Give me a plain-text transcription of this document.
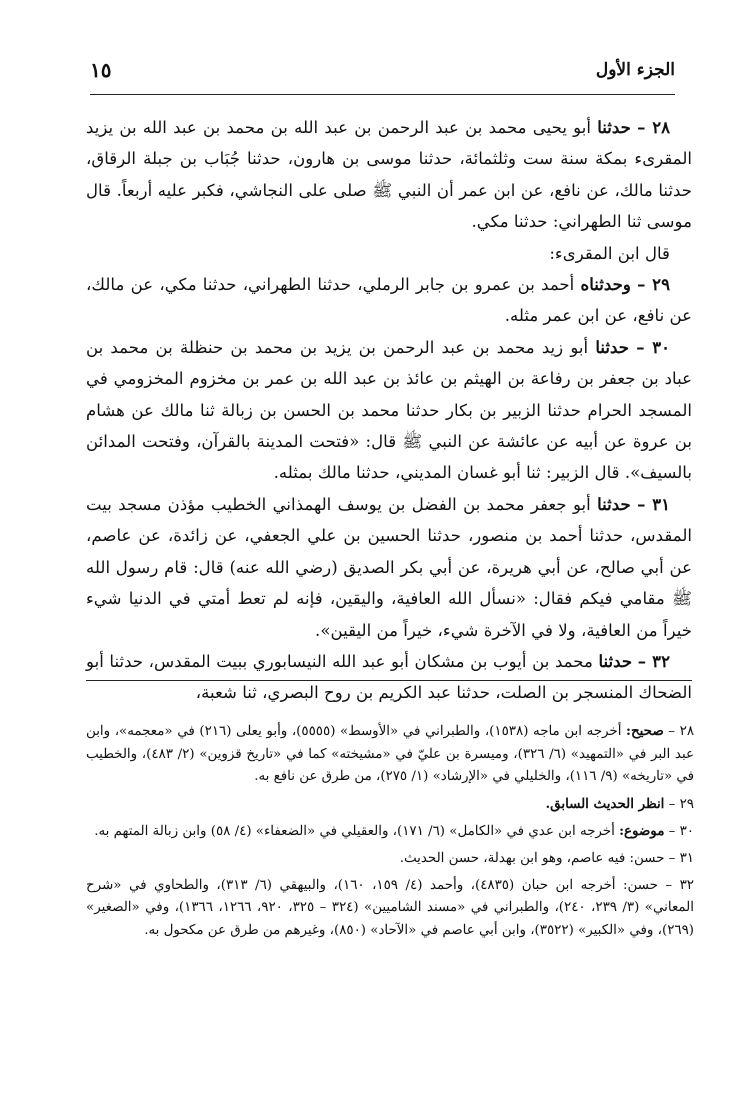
الجزء الأول
١٥

٢٨ – حدثنا أبو يحيى محمد بن عبد الرحمن بن عبد الله بن محمد بن عبد الله بن يزيد المقرىء بمكة سنة ست وثلثمائة، حدثنا موسى بن هارون، حدثنا جُبَاب بن جبلة الرقاق، حدثنا مالك، عن نافع، عن ابن عمر أن النبي ﷺ صلى على النجاشي، فكبر عليه أربعاً. قال موسى ثنا الطهراني: حدثنا مكي.

قال ابن المقرىء:

٢٩ – وحدثناه أحمد بن عمرو بن جابر الرملي، حدثنا الطهراني، حدثنا مكي، عن مالك، عن نافع، عن ابن عمر مثله.

٣٠ – حدثنا أبو زيد محمد بن عبد الرحمن بن يزيد بن محمد بن حنظلة بن محمد بن عباد بن جعفر بن رفاعة بن الهيثم بن عائذ بن عبد الله بن عمر بن مخزوم المخزومي في المسجد الحرام حدثنا الزبير بن بكار حدثنا محمد بن الحسن بن زبالة ثنا مالك عن هشام بن عروة عن أبيه عن عائشة عن النبي ﷺ قال: «فتحت المدينة بالقرآن، وفتحت المدائن بالسيف». قال الزبير: ثنا أبو غسان المديني، حدثنا مالك بمثله.

٣١ – حدثنا أبو جعفر محمد بن الفضل بن يوسف الهمذاني الخطيب مؤذن مسجد بيت المقدس، حدثنا أحمد بن منصور، حدثنا الحسين بن علي الجعفي، عن زائدة، عن عاصم، عن أبي صالح، عن أبي هريرة، عن أبي بكر الصديق (رضي الله عنه) قال: قام رسول الله ﷺ مقامي فيكم فقال: «نسأل الله العافية، واليقين، فإنه لم تعط أمتي في الدنيا شيء خيراً من العافية، ولا في الآخرة شيء، خيراً من اليقين».

٣٢ – حدثنا محمد بن أيوب بن مشكان أبو عبد الله النيسابوري ببيت المقدس، حدثنا أبو الضحاك المنسجر بن الصلت، حدثنا عبد الكريم بن روح البصري، ثنا شعبة،

٢٨ – صحيح: أخرجه ابن ماجه (١٥٣٨)، والطبراني في «الأوسط» (٥٥٥٥)، وأبو يعلى (٢١٦) في «معجمه»، وابن عبد البر في «التمهيد» (٦/ ٣٢٦)، وميسرة بن عليّ في «مشيخته» كما في «تاريخ قزوين» (٢/ ٤٨٣)، والخطيب في «تاريخه» (٩/ ١١٦)، والخليلي في «الإرشاد» (١/ ٢٧٥)، من طرق عن نافع به.

٢٩ – انظر الحديث السابق.

٣٠ – موضوع: أخرجه ابن عدي في «الكامل» (٦/ ١٧١)، والعقيلي في «الضعفاء» (٤/ ٥٨) وابن زبالة المتهم به.

٣١ – حسن: فيه عاصم، وهو ابن بهدلة، حسن الحديث.

٣٢ – حسن: أخرجه ابن حبان (٤٨٣٥)، وأحمد (٤/ ١٥٩، ١٦٠)، والبيهقي (٦/ ٣١٣)، والطحاوي في «شرح المعاني» (٣/ ٢٣٩، ٢٤٠)، والطبراني في «مسند الشاميين» (٣٢٤ – ٣٢٥، ٩٢٠، ١٢٦٦، ١٣٦٦)، وفي «الصغير» (٢٦٩)، وفي «الكبير» (٣٥٢٢)، وابن أبي عاصم في «الآحاد» (٨٥٠)، وغيرهم من طرق عن مكحول به.
